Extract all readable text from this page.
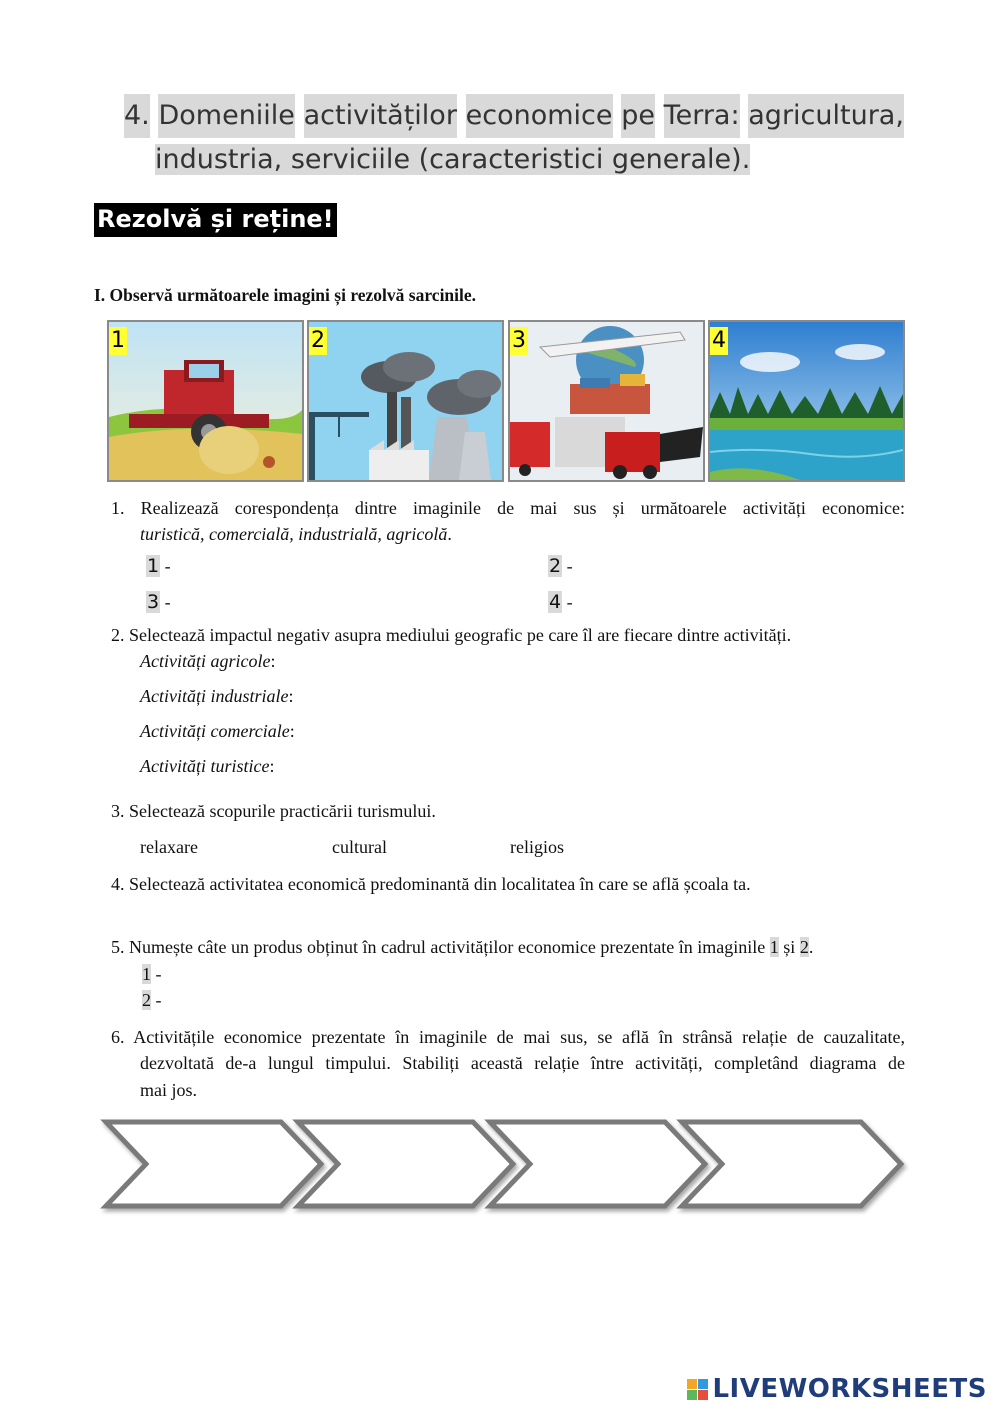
4. Domeniile activităților economice pe Terra: agricultura,
industria, serviciile (caracteristici generale).
Rezolvă și reține!
I. Observă următoarele imagini și rezolvă sarcinile.
1	2	3	4
1. Realizează corespondența dintre imaginile de mai sus și următoarele activități economice:
turistică, comercială, industrială, agricolă.
1 -	2 -
3 -	4 -
2. Selectează impactul negativ asupra mediului geografic pe care îl are fiecare dintre activități.
Activități agricole:
Activități industriale:
Activități comerciale:
Activități turistice:
3. Selectează scopurile practicării turismului.
relaxare	cultural	religios
4. Selectează activitatea economică predominantă din localitatea în care se află școala ta.
5. Numește câte un produs obținut în cadrul activităților economice prezentate în imaginile 1 și 2.
1 -
2 -
6. Activitățile economice prezentate în imaginile de mai sus, se află în strânsă relație de cauzalitate,
dezvoltată de-a lungul timpului. Stabiliți această relație între activități, completând diagrama de
mai jos.
LIVEWORKSHEETS
